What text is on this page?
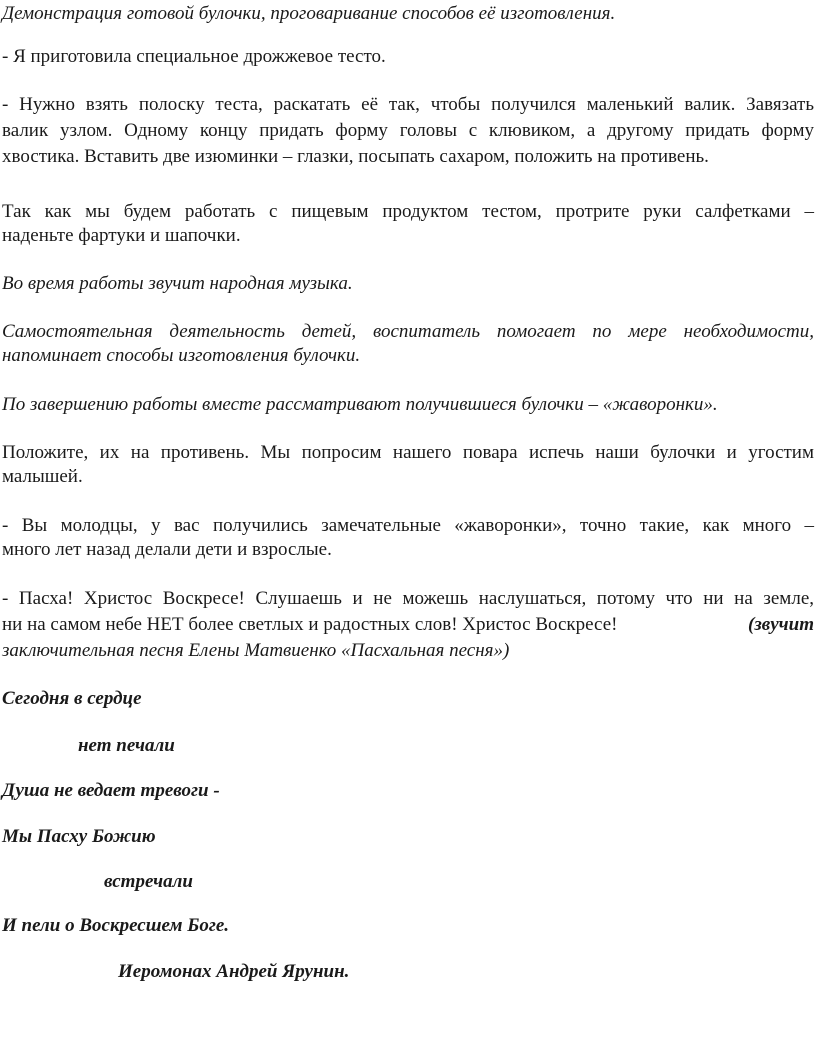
Демонстрация готовой булочки, проговаривание способов её изготовления.
- Я приготовила специальное дрожжевое тесто.
- Нужно взять полоску теста, раскатать её так, чтобы получился маленький валик. Завязать
валик узлом. Одному концу придать форму головы с клювиком, а другому придать форму
хвостика. Вставить две изюминки – глазки, посыпать сахаром, положить на противень.
Так как мы будем работать с пищевым продуктом тестом, протрите руки салфетками –
наденьте фартуки и шапочки.
Во время работы звучит народная музыка.
Самостоятельная деятельность детей, воспитатель помогает по мере необходимости,
напоминает способы изготовления булочки.
По завершению работы вместе рассматривают получившиеся булочки – «жаворонки».
Положите, их на противень. Мы попросим нашего повара испечь наши булочки и угостим
малышей.
- Вы молодцы, у вас получились замечательные «жаворонки», точно такие, как много –
много лет назад делали дети и взрослые.
- Пасха! Христос Воскресе! Слушаешь и не можешь наслушаться, потому что ни на земле,
ни на самом небе НЕТ более светлых и радостных слов! Христос Воскресе!	(звучит
заключительная песня Елены Матвиенко «Пасхальная песня»)
Сегодня в сердце
нет печали
Душа не ведает тревоги -
Мы Пасху Божию
встречали
И пели о Воскресшем Боге.
Иеромонах Андрей Ярунин.
